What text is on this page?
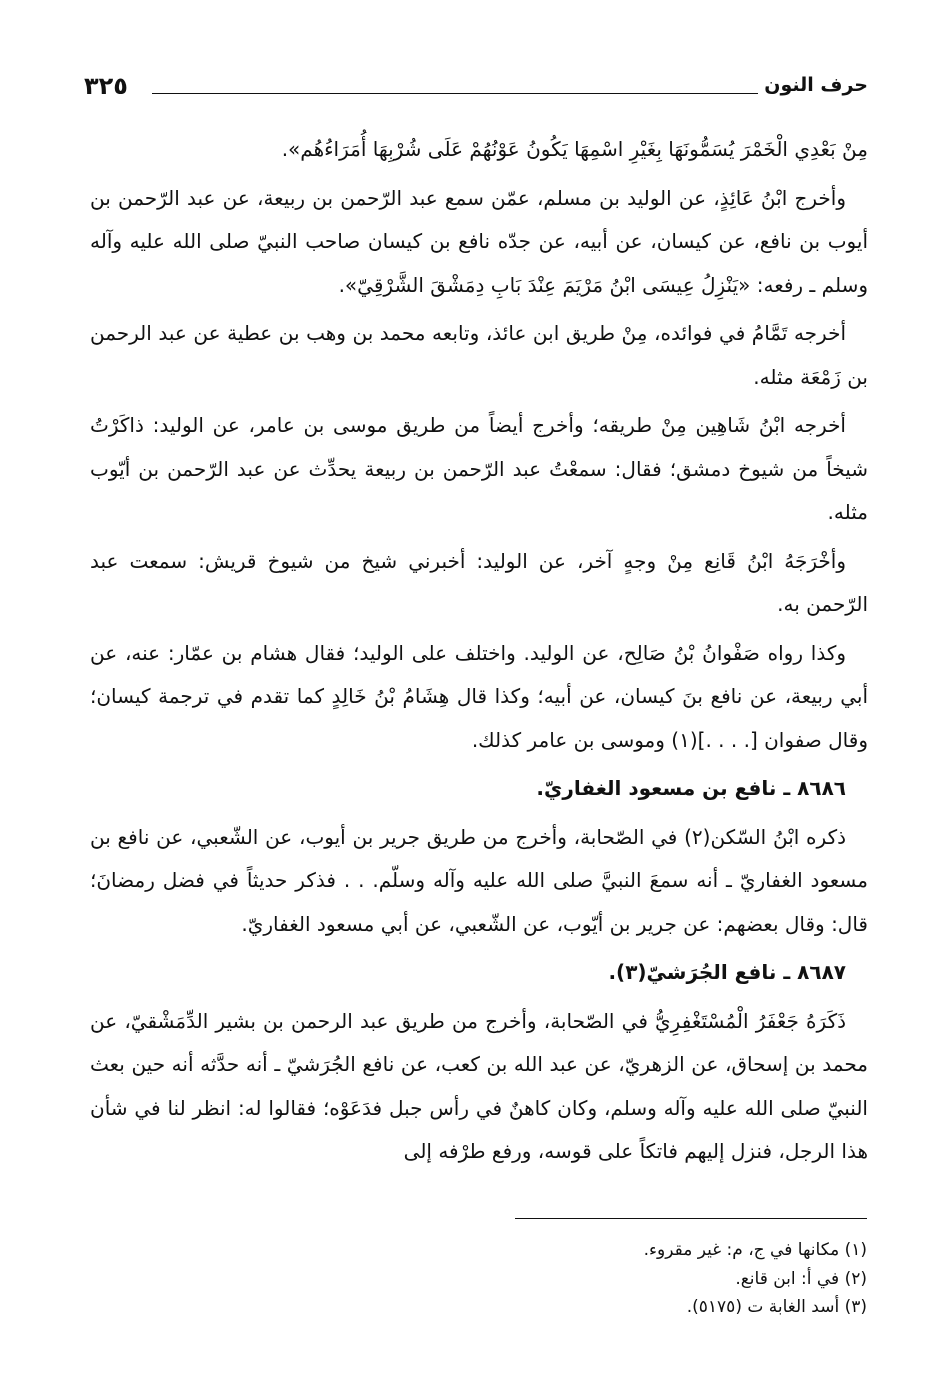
حرف النون
٣٢٥

مِنْ بَعْدِي الْخَمْرَ يُسَمُّونَهَا بِغَيْرِ اسْمِهَا يَكُونُ عَوْنُهُمْ عَلَى شُرْبِهَا أُمَرَاءُهُم».

وأخرج ابْنُ عَائِذٍ، عن الوليد بن مسلم، عمّن سمع عبد الرّحمن بن ربيعة، عن عبد الرّحمن بن أيوب بن نافع، عن كيسان، عن أبيه، عن جدّه نافع بن كيسان صاحب النبيّ صلى الله عليه وآله وسلم ـ رفعه: «يَنْزِلُ عِيسَى ابْنُ مَرْيَمَ عِنْدَ بَابِ دِمَشْقَ الشَّرْقِيّ».

أخرجه تَمَّامُ في فوائده، مِنْ طريق ابن عائذ، وتابعه محمد بن وهب بن عطية عن عبد الرحمن بن زَمْعَة مثله.

أخرجه ابْنُ شَاهِين مِنْ طريقه؛ وأخرج أيضاً من طريق موسى بن عامر، عن الوليد: ذاكَرْتُ شيخاً من شيوخ دمشق؛ فقال: سمعْتُ عبد الرّحمن بن ربيعة يحدِّث عن عبد الرّحمن بن أيّوب مثله.

وأخْرَجَهُ ابْنُ قَانِع مِنْ وجهٍ آخر، عن الوليد: أخبرني شيخ من شيوخ قريش: سمعت عبد الرّحمن به.

وكذا رواه صَفْوانُ بْنُ صَالِح، عن الوليد. واختلف على الوليد؛ فقال هشام بن عمّار: عنه، عن أبي ربيعة، عن نافع بنَ كيسان، عن أبيه؛ وكذا قال هِشَامُ بْنُ خَالِدٍ كما تقدم في ترجمة كيسان؛ وقال صفوان [. . . .](١) وموسى بن عامر كذلك.

٨٦٨٦ ـ نافع بن مسعود الغفاريّ.

ذكره ابْنُ السّكن(٢) في الصّحابة، وأخرج من طريق جرير بن أيوب، عن الشّعبي، عن نافع بن مسعود الغفاريّ ـ أنه سمعَ النبيَّ صلى الله عليه وآله وسلّم. . . فذكر حديثاً في فضل رمضانَ؛ قال: وقال بعضهم: عن جرير بن أيّوب، عن الشّعبي، عن أبي مسعود الغفاريّ.

٨٦٨٧ ـ نافع الجُرَشيّ(٣).

ذَكَرَهُ جَعْفَرُ الْمُسْتَغْفِرِيُّ في الصّحابة، وأخرج من طريق عبد الرحمن بن بشير الدِّمَشْقيّ، عن محمد بن إسحاق، عن الزهريّ، عن عبد الله بن كعب، عن نافع الجُرَشيّ ـ أنه حدَّثه أنه حين بعث النبيّ صلى الله عليه وآله وسلم، وكان كاهنٌ في رأس جبل فدَعَوْه؛ فقالوا له: انظر لنا في شأن هذا الرجل، فنزل إليهم فاتكاً على قوسه، ورفع طرْفه إلى

(١) مكانها في ج، م: غير مقروء.
(٢) في أ: ابن قانع.
(٣) أسد الغابة ت (٥١٧٥).
